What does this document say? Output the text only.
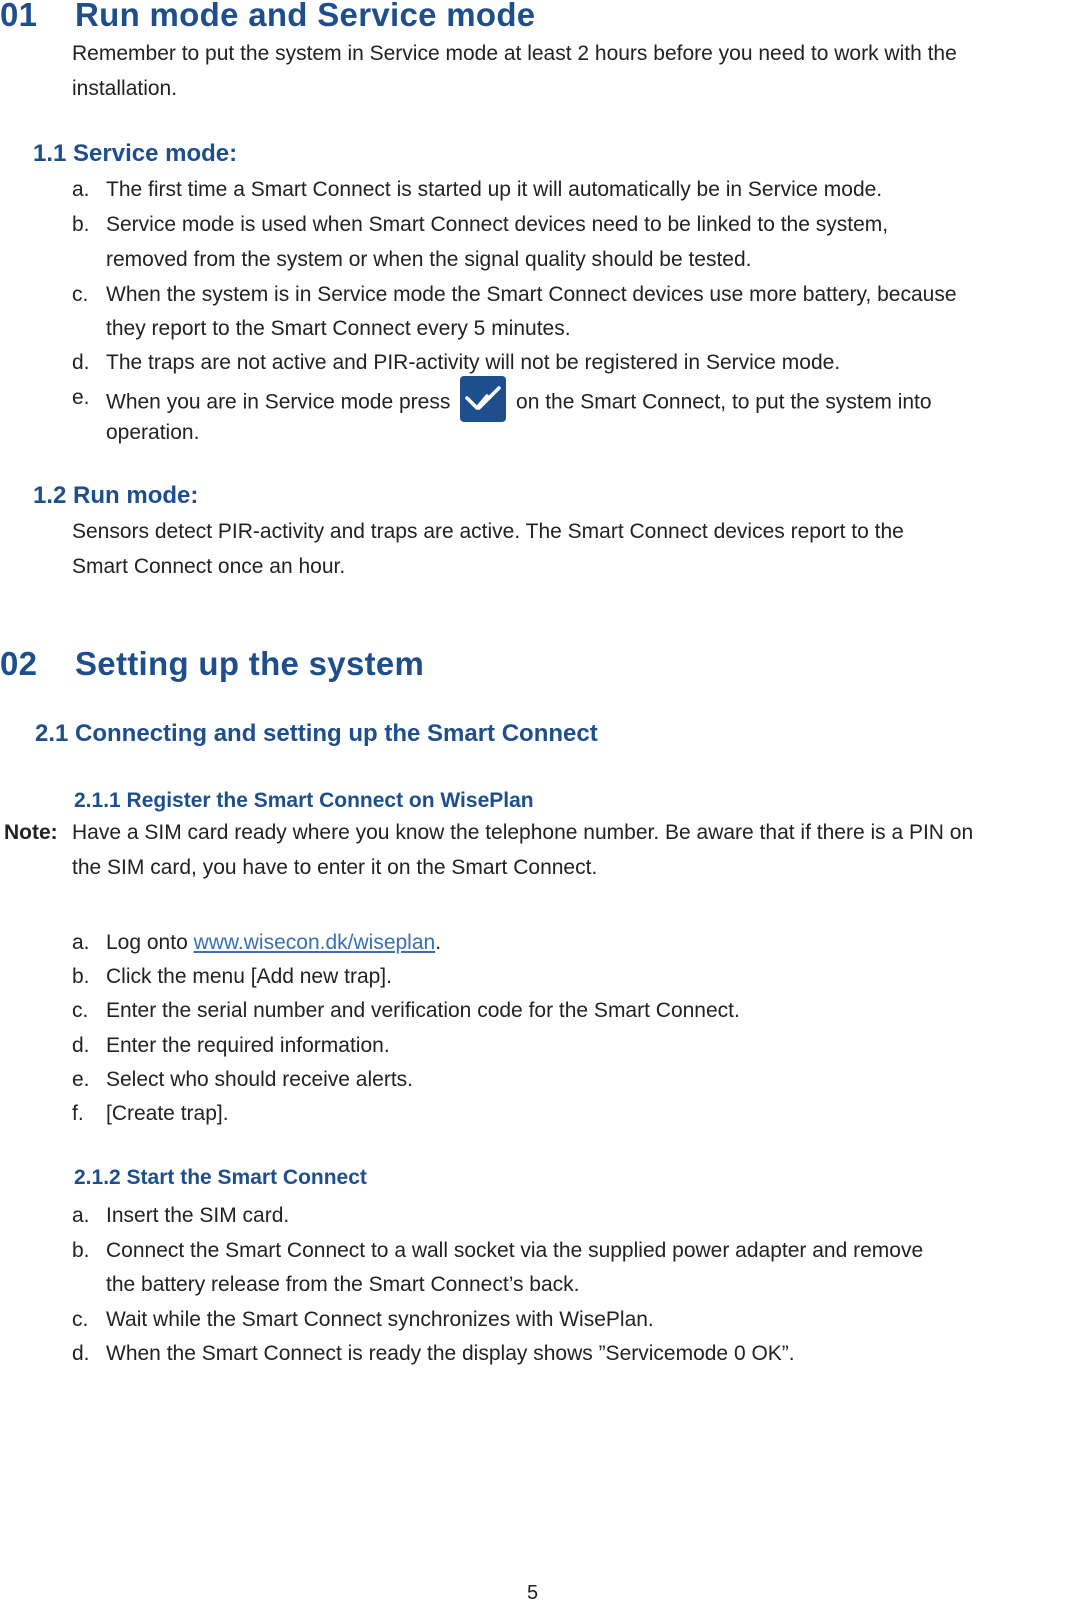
01 Run mode and Service mode
Remember to put the system in Service mode at least 2 hours before you need to work with the
installation.
1.1 Service mode:
a. The first time a Smart Connect is started up it will automatically be in Service mode.
b. Service mode is used when Smart Connect devices need to be linked to the system,
removed from the system or when the signal quality should be tested.
c. When the system is in Service mode the Smart Connect devices use more battery, because
they report to the Smart Connect every 5 minutes.
d. The traps are not active and PIR-activity will not be registered in Service mode.
e. When you are in Service mode press	on the Smart Connect, to put the system into
operation.
1.2 Run mode:
Sensors detect PIR-activity and traps are active. The Smart Connect devices report to the
Smart Connect once an hour.
02 Setting up the system
2.1 Connecting and setting up the Smart Connect
2.1.1 Register the Smart Connect on WisePlan
Note: Have a SIM card ready where you know the telephone number. Be aware that if there is a PIN on
the SIM card, you have to enter it on the Smart Connect.
a. Log onto www.wisecon.dk/wiseplan.
b. Click the menu [Add new trap].
c. Enter the serial number and verification code for the Smart Connect.
d. Enter the required information.
e. Select who should receive alerts.
f. [Create trap].
2.1.2 Start the Smart Connect
a. Insert the SIM card.
b. Connect the Smart Connect to a wall socket via the supplied power adapter and remove
the battery release from the Smart Connect’s back.
c. Wait while the Smart Connect synchronizes with WisePlan.
d. When the Smart Connect is ready the display shows ”Servicemode 0 OK”.
5
